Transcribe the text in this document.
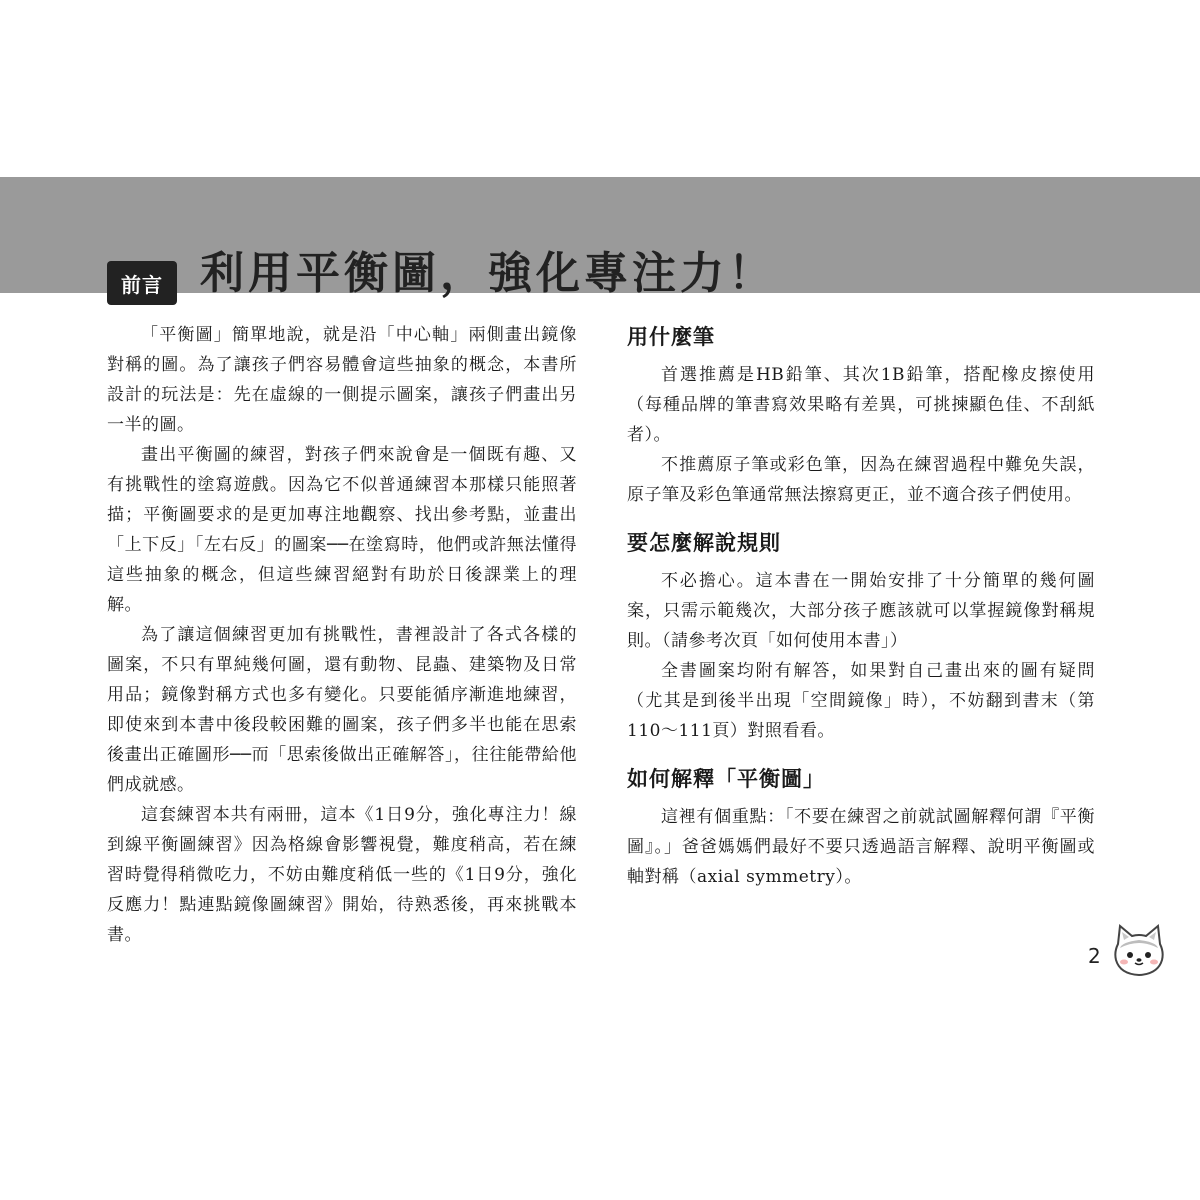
前言 利用平衡圖，強化專注力！

「平衡圖」簡單地說，就是沿「中心軸」兩側畫出鏡像對稱的圖。為了讓孩子們容易體會這些抽象的概念，本書所設計的玩法是：先在虛線的一側提示圖案，讓孩子們畫出另一半的圖。

畫出平衡圖的練習，對孩子們來說會是一個既有趣、又有挑戰性的塗寫遊戲。因為它不似普通練習本那樣只能照著描；平衡圖要求的是更加專注地觀察、找出參考點，並畫出「上下反」「左右反」的圖案──在塗寫時，他們或許無法懂得這些抽象的概念，但這些練習絕對有助於日後課業上的理解。

為了讓這個練習更加有挑戰性，書裡設計了各式各樣的圖案，不只有單純幾何圖，還有動物、昆蟲、建築物及日常用品；鏡像對稱方式也多有變化。只要能循序漸進地練習，即使來到本書中後段較困難的圖案，孩子們多半也能在思索後畫出正確圖形──而「思索後做出正確解答」，往往能帶給他們成就感。

這套練習本共有兩冊，這本《1日9分，強化專注力！線到線平衡圖練習》因為格線會影響視覺，難度稍高，若在練習時覺得稍微吃力，不妨由難度稍低一些的《1日9分，強化反應力！點連點鏡像圖練習》開始，待熟悉後，再來挑戰本書。

用什麼筆

首選推薦是HB鉛筆、其次1B鉛筆，搭配橡皮擦使用（每種品牌的筆書寫效果略有差異，可挑揀顯色佳、不刮紙者）。

不推薦原子筆或彩色筆，因為在練習過程中難免失誤，原子筆及彩色筆通常無法擦寫更正，並不適合孩子們使用。

要怎麼解說規則

不必擔心。這本書在一開始安排了十分簡單的幾何圖案，只需示範幾次，大部分孩子應該就可以掌握鏡像對稱規則。（請參考次頁「如何使用本書」）

全書圖案均附有解答，如果對自己畫出來的圖有疑問（尤其是到後半出現「空間鏡像」時），不妨翻到書末（第110～111頁）對照看看。

如何解釋「平衡圖」

這裡有個重點：「不要在練習之前就試圖解釋何謂『平衡圖』。」爸爸媽媽們最好不要只透過語言解釋、說明平衡圖或軸對稱（axial symmetry）。

2
